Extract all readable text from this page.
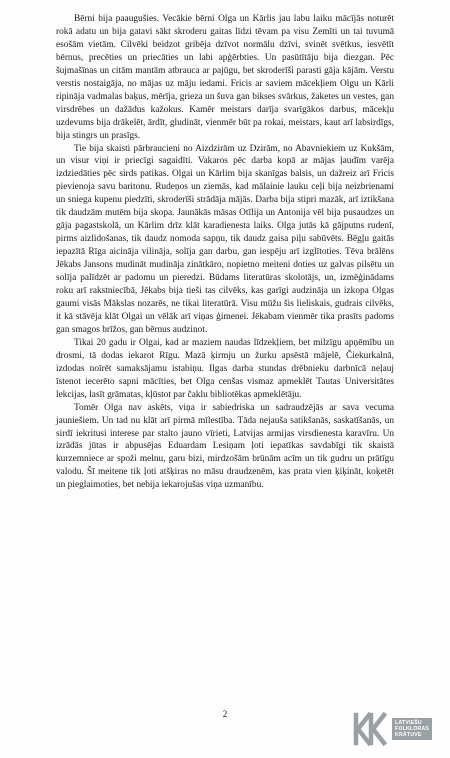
Bērni bija paaugušies. Vecākie bērni Olga un Kārlis jau labu laiku mācījās noturēt rokā adatu un bija gatavi sākt skroderu gaitas līdzi tēvam pa visu Zemīti un tai tuvumā esošām vietām. Cilvēki beidzot gribēja dzīvot normālu dzīvi, svinēt svētkus, iesvētīt bērnus, precēties un priecāties un labi apģērbties. Un pasūtītāju bija diezgan. Pēc šujmašīnas un citām mantām atbrauca ar pajūgu, bet skroderīši parasti gāja kājām. Verstu verstis nostaigāja, no mājas uz māju iedami. Fricis ar saviem mācekļiem Olgu un Kārli ripināja vadmalas baķus, mērīja, grieza un šuva gan bikses svārkus, žaketes un vestes, gan virsdrēbes un dažādus kažokus. Kamēr meistars darīja svarīgākos darbus, mācekļu uzdevums bija drākelēt, ārdīt, gludināt, vienmēr būt pa rokai, meistars, kaut arī labsirdīgs, bija stingrs un prasīgs.

Tie bija skaisti pārbraucieni no Aizdzirām uz Dzirām, no Abavniekiem uz Kukšām, un visur viņi ir priecīgi sagaidīti. Vakaros pēc darba kopā ar mājas ļaudīm varēja izdziedāties pēc sirds patikas. Olgai un Kārlim bija skanīgas balsis, un dažreiz arī Fricis pievienoja savu baritonu. Rudeņos un ziemās, kad mālainie lauku ceļi bija neizbrienami un sniega kupenu piedzīti, skroderīši strādāja mājās. Darba bija stipri mazāk, arī iztikšana tik daudzām mutēm bija skopa. Jaunākās māsas Otīlija un Antonija vēl bija pusaudzes un gāja pagastskolā, un Kārlim drīz klāt karadienesta laiks. Olga jutās kā gājputns rudenī, pirms aizlidošanas, tik daudz nomoda sapņu, tik daudz gaisa piļu sabūvēts. Bēgļu gaitās iepazītā Rīga aicināja vilināja, solīja gan darbu, gan iespēju arī izglītoties. Tēva brālēns Jēkabs Jansons mudināt mudināja zinātkāro, nopietno meiteni doties uz galvas pilsētu un solīja palīdzēt ar padomu un pieredzi. Būdams literatūras skolotājs, un, izmēģinādams roku arī rakstniecībā, Jēkabs bija tieši tas cilvēks, kas garīgi audzināja un izkopa Olgas gaumi visās Mākslas nozarēs, ne tikai literatūrā. Visu mūžu šis lieliskais, gudrais cilvēks, it kā stāvēja klāt Olgai un vēlāk arī viņas ģimenei. Jēkabam vienmēr tika prasīts padoms gan smagos brīžos, gan bērnus audzinot.

Tikai 20 gadu ir Olgai, kad ar maziem naudas līdzekļiem, bet milzīgu apņēmību un drosmi, tā dodas iekarot Rīgu. Mazā ķirmju un žurku apsēstā mājelē, Čiekurkalnā, izdodas noīrēt samaksājamu istabiņu. Ilgas darba stundas drēbnieku darbnīcā neļauj īstenot iecerēto sapni mācīties, bet Olga cenšas vismaz apmeklēt Tautas Universitātes lekcijas, lasīt grāmatas, kļūstot par čaklu bibliotēkas apmeklētāju.

Tomēr Olga nav askēts, viņa ir sabiedriska un sadraudzējās ar sava vecuma jauniešiem. Un tad nu klāt arī pirmā mīlestība. Tāda nejauša satikšanās, saskatīšanās, un sirdī iekritusi interese par stalto jauno vīrieti, Latvijas armijas virsdienesta karavīru. Un izrādās jūtas ir abpusējas Eduardam Lesiņam ļoti iepatīkas savdabīgi tik skaistā kurzemniece ar spoži melnu, garu bizi, mirdzošām brūnām acīm un tik gudru un prātīgu valodu. Šī meitene tik ļoti atšķiras no māsu draudzenēm, kas prata vien ķiķināt, koķetēt un pieglaimoties, bet nebija iekarojušas viņa uzmanību.

2
LATVIEŠU
FOLKLORAS
KRĀTUVE
